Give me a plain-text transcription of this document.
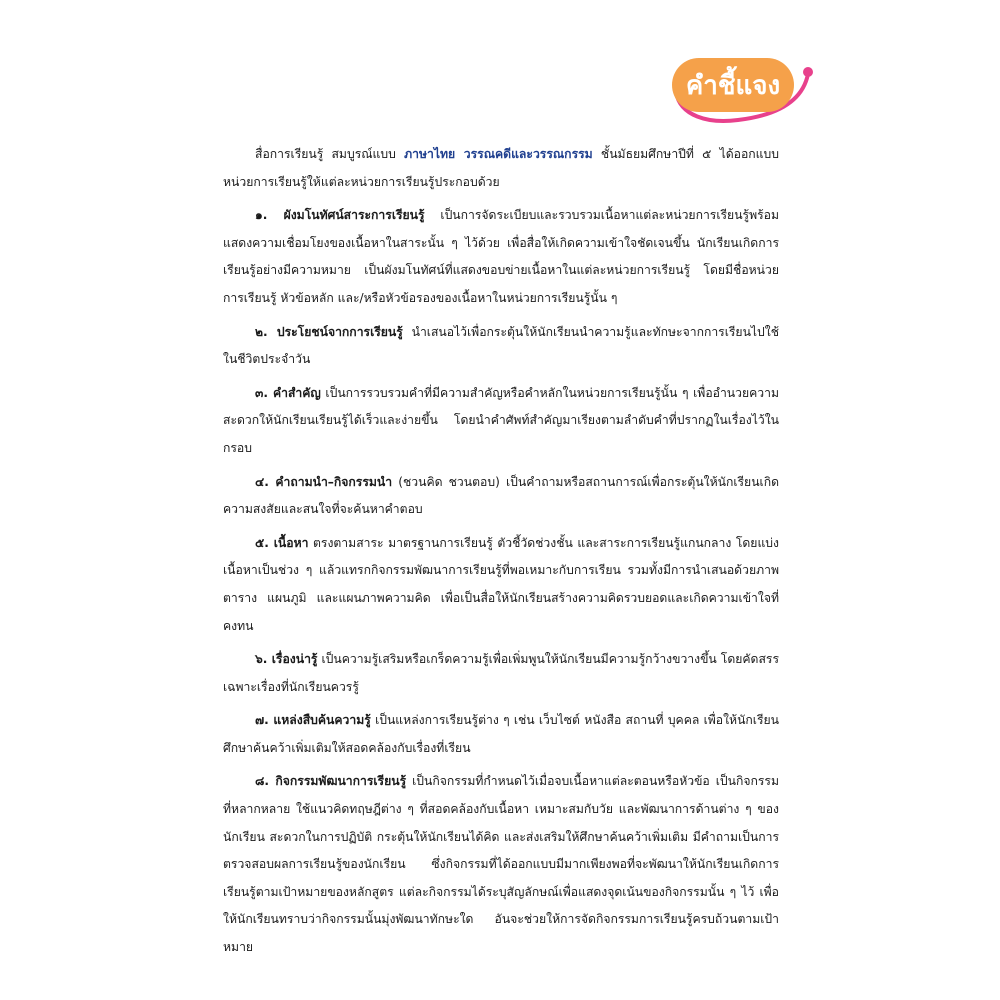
คำชี้แจง

สื่อการเรียนรู้ สมบูรณ์แบบ ภาษาไทย วรรณคดีและวรรณกรรม ชั้นมัธยมศึกษาปีที่ ๕ ได้ออกแบบหน่วยการเรียนรู้ให้แต่ละหน่วยการเรียนรู้ประกอบด้วย

๑. ผังมโนทัศน์สาระการเรียนรู้ เป็นการจัดระเบียบและรวบรวมเนื้อหาแต่ละหน่วยการเรียนรู้พร้อมแสดงความเชื่อมโยงของเนื้อหาในสาระนั้น ๆ ไว้ด้วย เพื่อสื่อให้เกิดความเข้าใจชัดเจนขึ้น นักเรียนเกิดการเรียนรู้อย่างมีความหมาย เป็นผังมโนทัศน์ที่แสดงขอบข่ายเนื้อหาในแต่ละหน่วยการเรียนรู้ โดยมีชื่อหน่วยการเรียนรู้ หัวข้อหลัก และ/หรือหัวข้อรองของเนื้อหาในหน่วยการเรียนรู้นั้น ๆ

๒. ประโยชน์จากการเรียนรู้ นำเสนอไว้เพื่อกระตุ้นให้นักเรียนนำความรู้และทักษะจากการเรียนไปใช้ในชีวิตประจำวัน

๓. คำสำคัญ เป็นการรวบรวมคำที่มีความสำคัญหรือคำหลักในหน่วยการเรียนรู้นั้น ๆ เพื่ออำนวยความสะดวกให้นักเรียนเรียนรู้ได้เร็วและง่ายขึ้น โดยนำคำศัพท์สำคัญมาเรียงตามลำดับคำที่ปรากฏในเรื่องไว้ในกรอบ

๔. คำถามนำ–กิจกรรมนำ (ชวนคิด ชวนตอบ) เป็นคำถามหรือสถานการณ์เพื่อกระตุ้นให้นักเรียนเกิดความสงสัยและสนใจที่จะค้นหาคำตอบ

๕. เนื้อหา ตรงตามสาระ มาตรฐานการเรียนรู้ ตัวชี้วัดช่วงชั้น และสาระการเรียนรู้แกนกลาง โดยแบ่งเนื้อหาเป็นช่วง ๆ แล้วแทรกกิจกรรมพัฒนาการเรียนรู้ที่พอเหมาะกับการเรียน รวมทั้งมีการนำเสนอด้วยภาพ ตาราง แผนภูมิ และแผนภาพความคิด เพื่อเป็นสื่อให้นักเรียนสร้างความคิดรวบยอดและเกิดความเข้าใจที่คงทน

๖. เรื่องน่ารู้ เป็นความรู้เสริมหรือเกร็ดความรู้เพื่อเพิ่มพูนให้นักเรียนมีความรู้กว้างขวางขึ้น โดยคัดสรรเฉพาะเรื่องที่นักเรียนควรรู้

๗. แหล่งสืบค้นความรู้ เป็นแหล่งการเรียนรู้ต่าง ๆ เช่น เว็บไซต์ หนังสือ สถานที่ บุคคล เพื่อให้นักเรียนศึกษาค้นคว้าเพิ่มเติมให้สอดคล้องกับเรื่องที่เรียน

๘. กิจกรรมพัฒนาการเรียนรู้ เป็นกิจกรรมที่กำหนดไว้เมื่อจบเนื้อหาแต่ละตอนหรือหัวข้อ เป็นกิจกรรมที่หลากหลาย ใช้แนวคิดทฤษฎีต่าง ๆ ที่สอดคล้องกับเนื้อหา เหมาะสมกับวัย และพัฒนาการด้านต่าง ๆ ของนักเรียน สะดวกในการปฏิบัติ กระตุ้นให้นักเรียนได้คิด และส่งเสริมให้ศึกษาค้นคว้าเพิ่มเติม มีคำถามเป็นการตรวจสอบผลการเรียนรู้ของนักเรียน ซึ่งกิจกรรมที่ได้ออกแบบมีมากเพียงพอที่จะพัฒนาให้นักเรียนเกิดการเรียนรู้ตามเป้าหมายของหลักสูตร แต่ละกิจกรรมได้ระบุสัญลักษณ์เพื่อแสดงจุดเน้นของกิจกรรมนั้น ๆ ไว้ เพื่อให้นักเรียนทราบว่ากิจกรรมนั้นมุ่งพัฒนาทักษะใด อันจะช่วยให้การจัดกิจกรรมการเรียนรู้ครบถ้วนตามเป้าหมาย
